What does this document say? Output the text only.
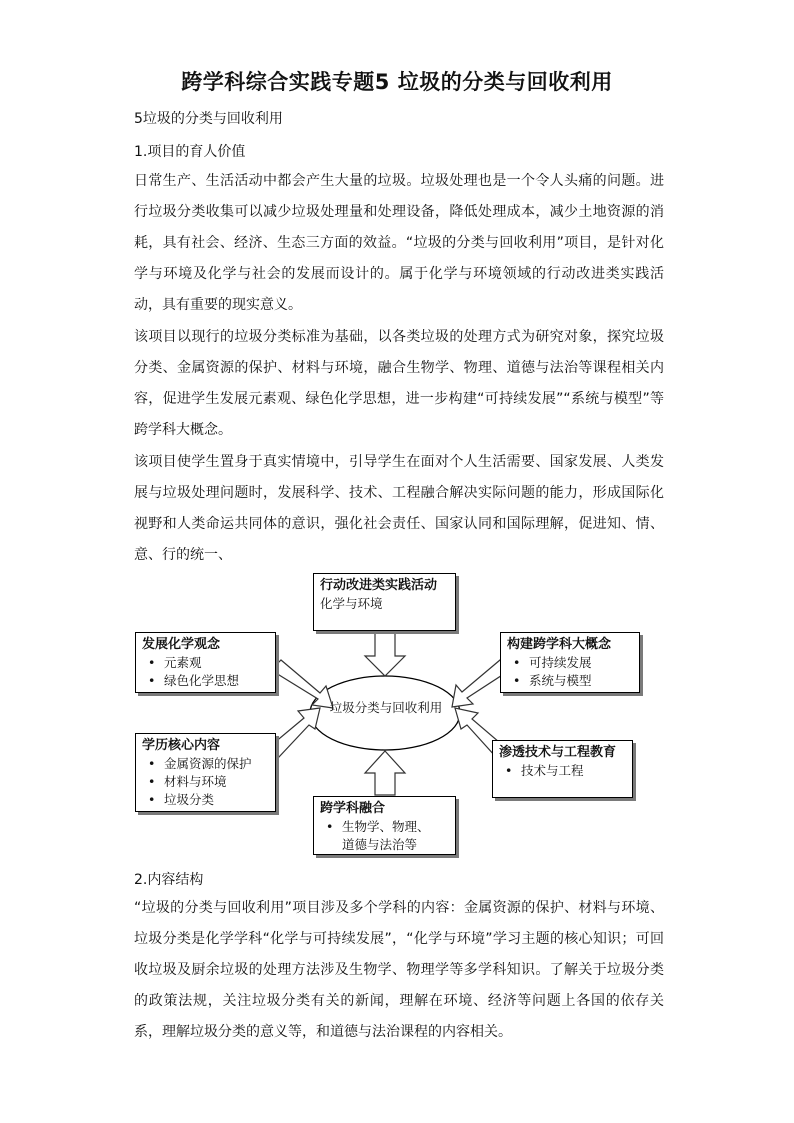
跨学科综合实践专题5 垃圾的分类与回收利用
5垃圾的分类与回收利用
1.项目的育人价值

日常生产、生活活动中都会产生大量的垃圾。垃圾处理也是一个令人头痛的问题。进行垃圾分类收集可以减少垃圾处理量和处理设备，降低处理成本，减少土地资源的消耗，具有社会、经济、生态三方面的效益。“垃圾的分类与回收利用”项目，是针对化学与环境及化学与社会的发展而设计的。属于化学与环境领域的行动改进类实践活动，具有重要的现实意义。

该项目以现行的垃圾分类标准为基础，以各类垃圾的处理方式为研究对象，探究垃圾分类、金属资源的保护、材料与环境，融合生物学、物理、道德与法治等课程相关内容，促进学生发展元素观、绿色化学思想，进一步构建“可持续发展”“系统与模型”等跨学科大概念。

该项目使学生置身于真实情境中，引导学生在面对个人生活需要、国家发展、人类发展与垃圾处理问题时，发展科学、技术、工程融合解决实际问题的能力，形成国际化视野和人类命运共同体的意识，强化社会责任、国家认同和国际理解，促进知、情、意、行的统一、

垃圾分类与回收利用
行动改进类实践活动
化学与环境
发展化学观念
• 元素观
• 绿色化学思想
构建跨学科大概念
• 可持续发展
• 系统与模型
学历核心内容
• 金属资源的保护
• 材料与环境
• 垃圾分类
渗透技术与工程教育
• 技术与工程
跨学科融合
• 生物学、物理、
道德与法治等
2.内容结构

“垃圾的分类与回收利用”项目涉及多个学科的内容：金属资源的保护、材料与环境、垃圾分类是化学学科“化学与可持续发展”，“化学与环境”学习主题的核心知识；可回收垃圾及厨余垃圾的处理方法涉及生物学、物理学等多学科知识。了解关于垃圾分类的政策法规，关注垃圾分类有关的新闻，理解在环境、经济等问题上各国的依存关系，理解垃圾分类的意义等，和道德与法治课程的内容相关。
